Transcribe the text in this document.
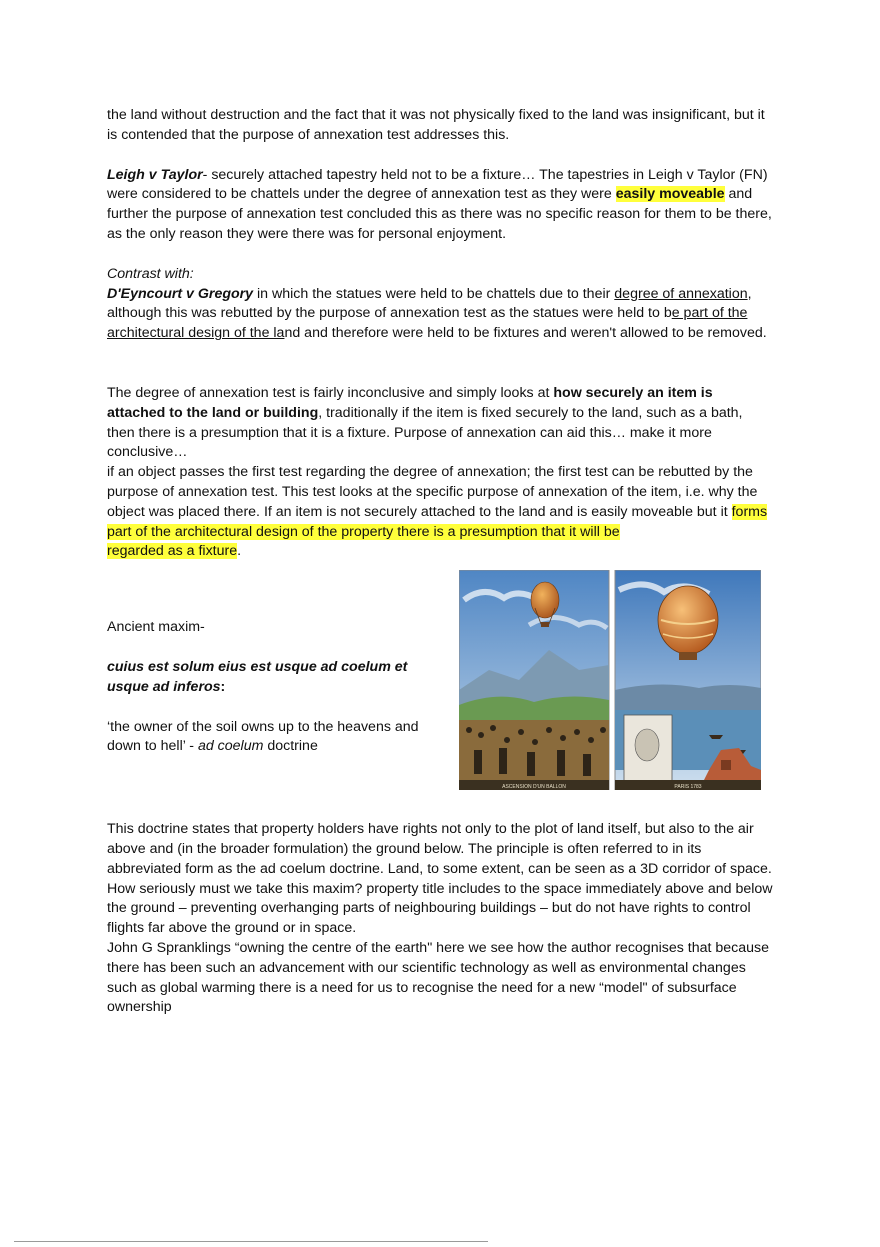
the land without destruction and the fact that it was not physically fixed to the land was insignificant, but it is contended that the purpose of annexation test addresses this.

Leigh v Taylor- securely attached tapestry held not to be a fixture… The tapestries in Leigh v Taylor (FN) were considered to be chattels under the degree of annexation test as they were easily moveable and further the purpose of annexation test concluded this as there was no specific reason for them to be there, as the only reason they were there was for personal enjoyment.

Contrast with:

D'Eyncourt v Gregory in which the statues were held to be chattels due to their degree of annexation, although this was rebutted by the purpose of annexation test as the statues were held to be part of the architectural design of the land and therefore were held to be fixtures and weren't allowed to be removed.

The degree of annexation test is fairly inconclusive and simply looks at how securely an item is attached to the land or building, traditionally if the item is fixed securely to the land, such as a bath, then there is a presumption that it is a fixture. Purpose of annexation can aid this… make it more conclusive…

if an object passes the first test regarding the degree of annexation; the first test can be rebutted by the purpose of annexation test. This test looks at the specific purpose of annexation of the item, i.e. why the object was placed there. If an item is not securely attached to the land and is easily moveable but it forms part of the architectural design of the property there is a presumption that it will be

regarded as a fixture.

Ancient maxim-

cuius est solum eius est usque ad coelum et usque ad inferos:

‘the owner of the soil owns up to the heavens and down to hell’ - ad coelum doctrine

ASCENSION D'UN BALLON	PARIS 1783

This doctrine states that property holders have rights not only to the plot of land itself, but also to the air above and (in the broader formulation) the ground below. The principle is often referred to in its abbreviated form as the ad coelum doctrine. Land, to some extent, can be seen as a 3D corridor of space. How seriously must we take this maxim? property title includes to the space immediately above and below the ground – preventing overhanging parts of neighbouring buildings – but do not have rights to control flights far above the ground or in space.

John G Spranklings “owning the centre of the earth" here we see how the author recognises that because there has been such an advancement with our scientific technology as well as environmental changes such as global warming there is a need for us to recognise the need for a new “model" of subsurface ownership
